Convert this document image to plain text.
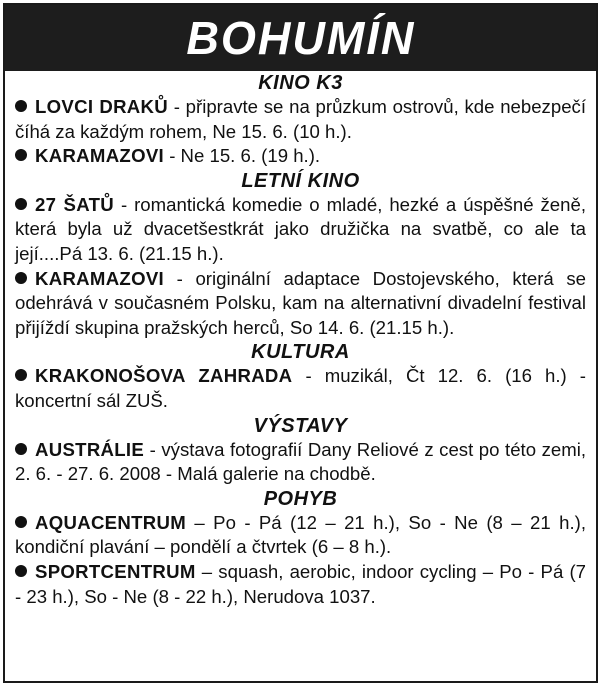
BOHUMÍN
KINO K3
LOVCI DRAKŮ - připravte se na průzkum ostrovů, kde nebezpečí číhá za každým rohem, Ne 15. 6. (10 h.).
KARAMAZOVI - Ne 15. 6. (19 h.).
LETNÍ KINO
27 ŠATŮ - romantická komedie o mladé, hezké a úspěšné ženě, která byla už dvacetšestkrát jako družička na svatbě, co ale ta její....Pá 13. 6. (21.15 h.).
KARAMAZOVI - originální adaptace Dostojevského, která se odehrává v současném Polsku, kam na alternativní divadelní festival přijíždí skupina pražských herců, So 14. 6. (21.15 h.).
KULTURA
KRAKONOŠOVA ZAHRADA - muzikál, Čt 12. 6. (16 h.) - koncertní sál ZUŠ.
VÝSTAVY
AUSTRÁLIE - výstava fotografií Dany Reliové z cest po této zemi, 2. 6. - 27. 6. 2008 - Malá galerie na chodbě.
POHYB
AQUACENTRUM – Po - Pá (12 – 21 h.), So - Ne (8 – 21 h.), kondiční plavání – pondělí a čtvrtek (6 – 8 h.).
SPORTCENTRUM – squash, aerobic, indoor cycling – Po - Pá (7 - 23 h.), So - Ne (8 - 22 h.), Nerudova 1037.
